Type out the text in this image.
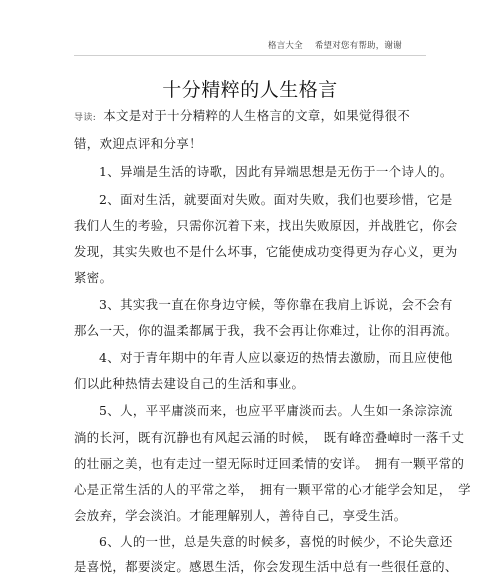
格言大全 希望对您有帮助，谢谢
十分精粹的人生格言
导读: 本文是对于十分精粹的人生格言的文章，如果觉得很不
错，欢迎点评和分享！
1、异端是生活的诗歌，因此有异端思想是无伤于一个诗人的。
2、面对生活，就要面对失败。面对失败，我们也要珍惜，它是
我们人生的考验，只需你沉着下来，找出失败原因，并战胜它，你会
发现，其实失败也不是什么坏事，它能使成功变得更为存心义，更为
紧密。
3、其实我一直在你身边守候，等你靠在我肩上诉说，会不会有
那么一天，你的温柔都属于我，我不会再让你难过，让你的泪再流。
4、对于青年期中的年青人应以豪迈的热情去激励，而且应使他
们以此种热情去建设自己的生活和事业。
5、人，平平庸淡而来，也应平平庸淡而去。人生如一条淙淙流
淌的长河，既有沉静也有风起云涌的时候，　既有峰峦叠嶂时一落千丈
的壮丽之美，也有走过一望无际时迂回柔情的安详。　拥有一颗平常的
心是正常生活的人的平常之举，　拥有一颗平常的心才能学会知足，　学
会放弃，学会淡泊。才能理解别人，善待自己，享受生活。
6、人的一世，总是失意的时候多，喜悦的时候少，不论失意还
是喜悦，都要淡定。感恩生活，你会发现生活中总有一些很任意的、
